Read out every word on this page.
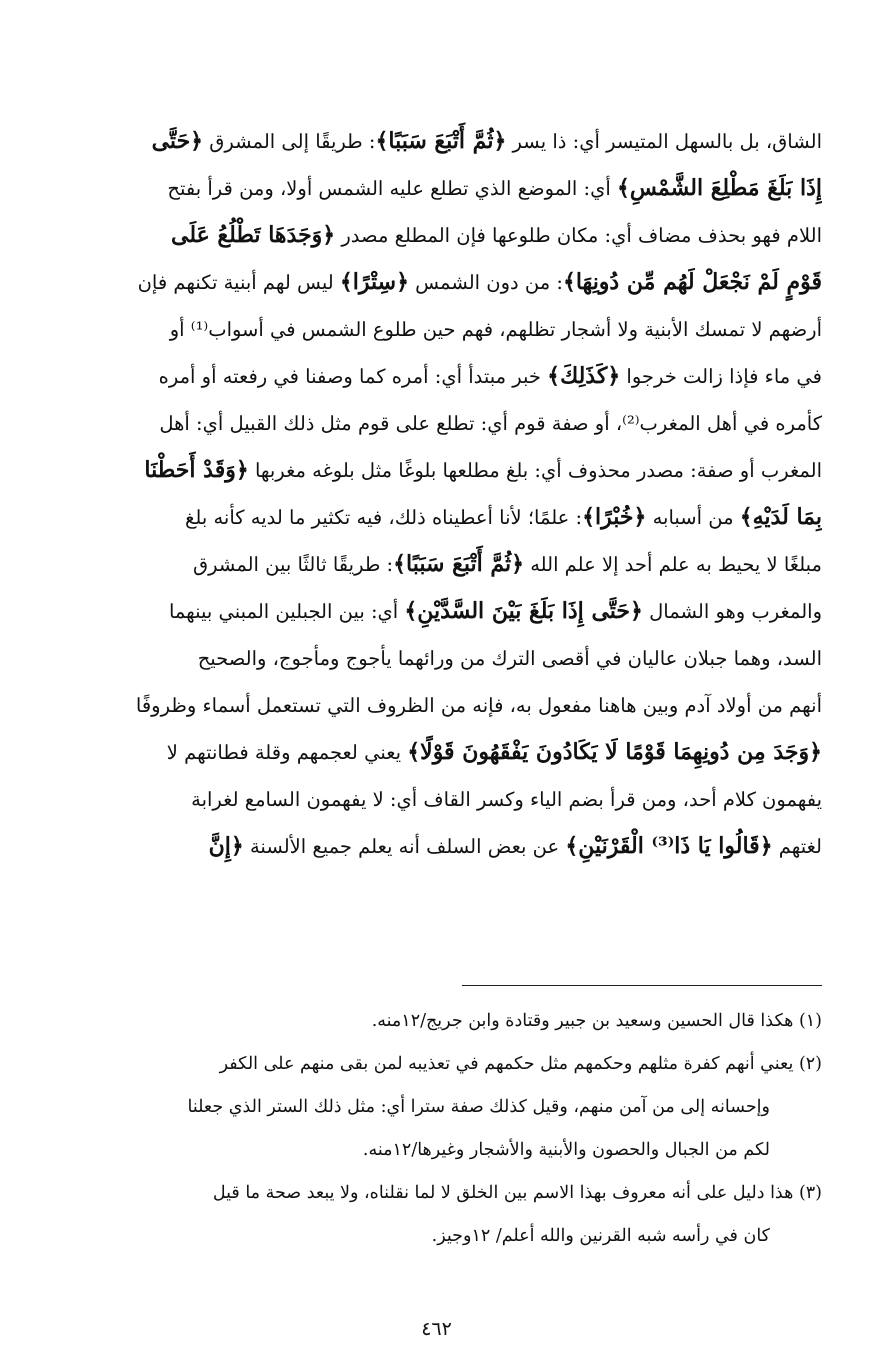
الشاق، بل بالسهل المتيسر أي: ذا يسر ﴿ثُمَّ أَتْبَعَ سَبَبًا﴾: طريقًا إلى المشرق ﴿حَتَّى
إِذَا بَلَغَ مَطْلِعَ الشَّمْسِ﴾ أي: الموضع الذي تطلع عليه الشمس أولا، ومن قرأ بفتح
اللام فهو بحذف مضاف أي: مكان طلوعها فإن المطلع مصدر ﴿وَجَدَهَا تَطْلُعُ عَلَى
قَوْمٍ لَمْ نَجْعَلْ لَهُم مِّن دُونِهَا﴾: من دون الشمس ﴿سِتْرًا﴾ ليس لهم أبنية تكنهم فإن
أرضهم لا تمسك الأبنية ولا أشجار تظلهم، فهم حين طلوع الشمس في أسواب⁽¹⁾ أو
في ماء فإذا زالت خرجوا ﴿كَذَلِكَ﴾ خبر مبتدأ أي: أمره كما وصفنا في رفعته أو أمره
كأمره في أهل المغرب⁽²⁾، أو صفة قوم أي: تطلع على قوم مثل ذلك القبيل أي: أهل
المغرب أو صفة: مصدر محذوف أي: بلغ مطلعها بلوغًا مثل بلوغه مغربها ﴿وَقَدْ أَحَطْنَا
بِمَا لَدَيْهِ﴾ من أسبابه ﴿خُبْرًا﴾: علمًا؛ لأنا أعطيناه ذلك، فيه تكثير ما لديه كأنه بلغ
مبلغًا لا يحيط به علم أحد إلا علم الله ﴿ثُمَّ أَتْبَعَ سَبَبًا﴾: طريقًا ثالثًا بين المشرق
والمغرب وهو الشمال ﴿حَتَّى إِذَا بَلَغَ بَيْنَ السَّدَّيْنِ﴾ أي: بين الجبلين المبني بينهما
السد، وهما جبلان عاليان في أقصى الترك من ورائهما يأجوج ومأجوج، والصحيح
أنهم من أولاد آدم وبين هاهنا مفعول به، فإنه من الظروف التي تستعمل أسماء وظروفًا
﴿وَجَدَ مِن دُونِهِمَا قَوْمًا لَا يَكَادُونَ يَفْقَهُونَ قَوْلًا﴾ يعني لعجمهم وقلة فطانتهم لا
يفهمون كلام أحد، ومن قرأ بضم الياء وكسر القاف أي: لا يفهمون السامع لغرابة
لغتهم ﴿قَالُوا يَا ذَا⁽³⁾ الْقَرْنَيْنِ﴾ عن بعض السلف أنه يعلم جميع الألسنة ﴿إِنَّ
(١) هكذا قال الحسين وسعيد بن جبير وقتادة وابن جريج/١٢منه.
(٢) يعني أنهم كفرة مثلهم وحكمهم مثل حكمهم في تعذيبه لمن بقى منهم على الكفر
وإحسانه إلى من آمن منهم، وقيل كذلك صفة سترا أي: مثل ذلك الستر الذي جعلنا
لكم من الجبال والحصون والأبنية والأشجار وغيرها/١٢منه.
(٣) هذا دليل على أنه معروف بهذا الاسم بين الخلق لا لما نقلناه، ولا يبعد صحة ما قيل
كان في رأسه شبه القرنين والله أعلم/ ١٢وجيز.
٤٦٢
